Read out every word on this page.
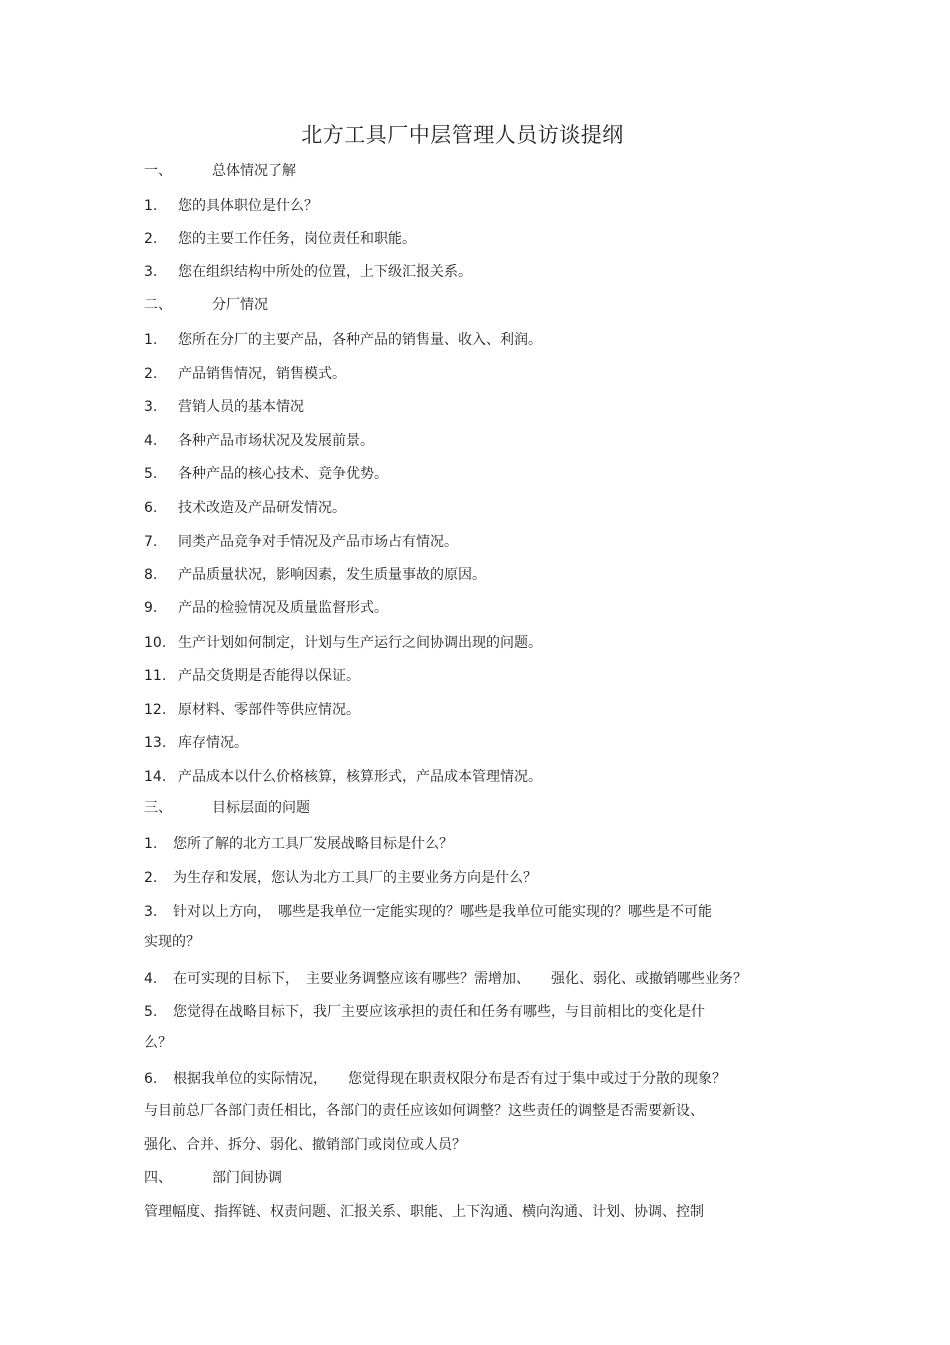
北方工具厂中层管理人员访谈提纲
一、	总体情况了解
1. 您的具体职位是什么？
2. 您的主要工作任务，岗位责任和职能。
3. 您在组织结构中所处的位置，上下级汇报关系。
二、	分厂情况
1. 您所在分厂的主要产品，各种产品的销售量、收入、利润。
2. 产品销售情况，销售模式。
3. 营销人员的基本情况
4. 各种产品市场状况及发展前景。
5. 各种产品的核心技术、竞争优势。
6. 技术改造及产品研发情况。
7. 同类产品竞争对手情况及产品市场占有情况。
8. 产品质量状况，影响因素，发生质量事故的原因。
9. 产品的检验情况及质量监督形式。
10. 生产计划如何制定，计划与生产运行之间协调出现的问题。
11. 产品交货期是否能得以保证。
12. 原材料、零部件等供应情况。
13. 库存情况。
14. 产品成本以什么价格核算，核算形式，产品成本管理情况。
三、	目标层面的问题
1. 您所了解的北方工具厂发展战略目标是什么？
2. 为生存和发展，您认为北方工具厂的主要业务方向是什么？
3. 针对以上方向，　哪些是我单位一定能实现的？哪些是我单位可能实现的？哪些是不可能
实现的？
4. 在可实现的目标下，　主要业务调整应该有哪些？需增加、　　强化、弱化、或撤销哪些业务？
5. 您觉得在战略目标下，我厂主要应该承担的责任和任务有哪些，与目前相比的变化是什
么？
6. 根据我单位的实际情况，　　您觉得现在职责权限分布是否有过于集中或过于分散的现象？
与目前总厂各部门责任相比，各部门的责任应该如何调整？这些责任的调整是否需要新设、
强化、合并、拆分、弱化、撤销部门或岗位或人员？
四、	部门间协调
管理幅度、指挥链、权责问题、汇报关系、职能、上下沟通、横向沟通、计划、协调、控制
